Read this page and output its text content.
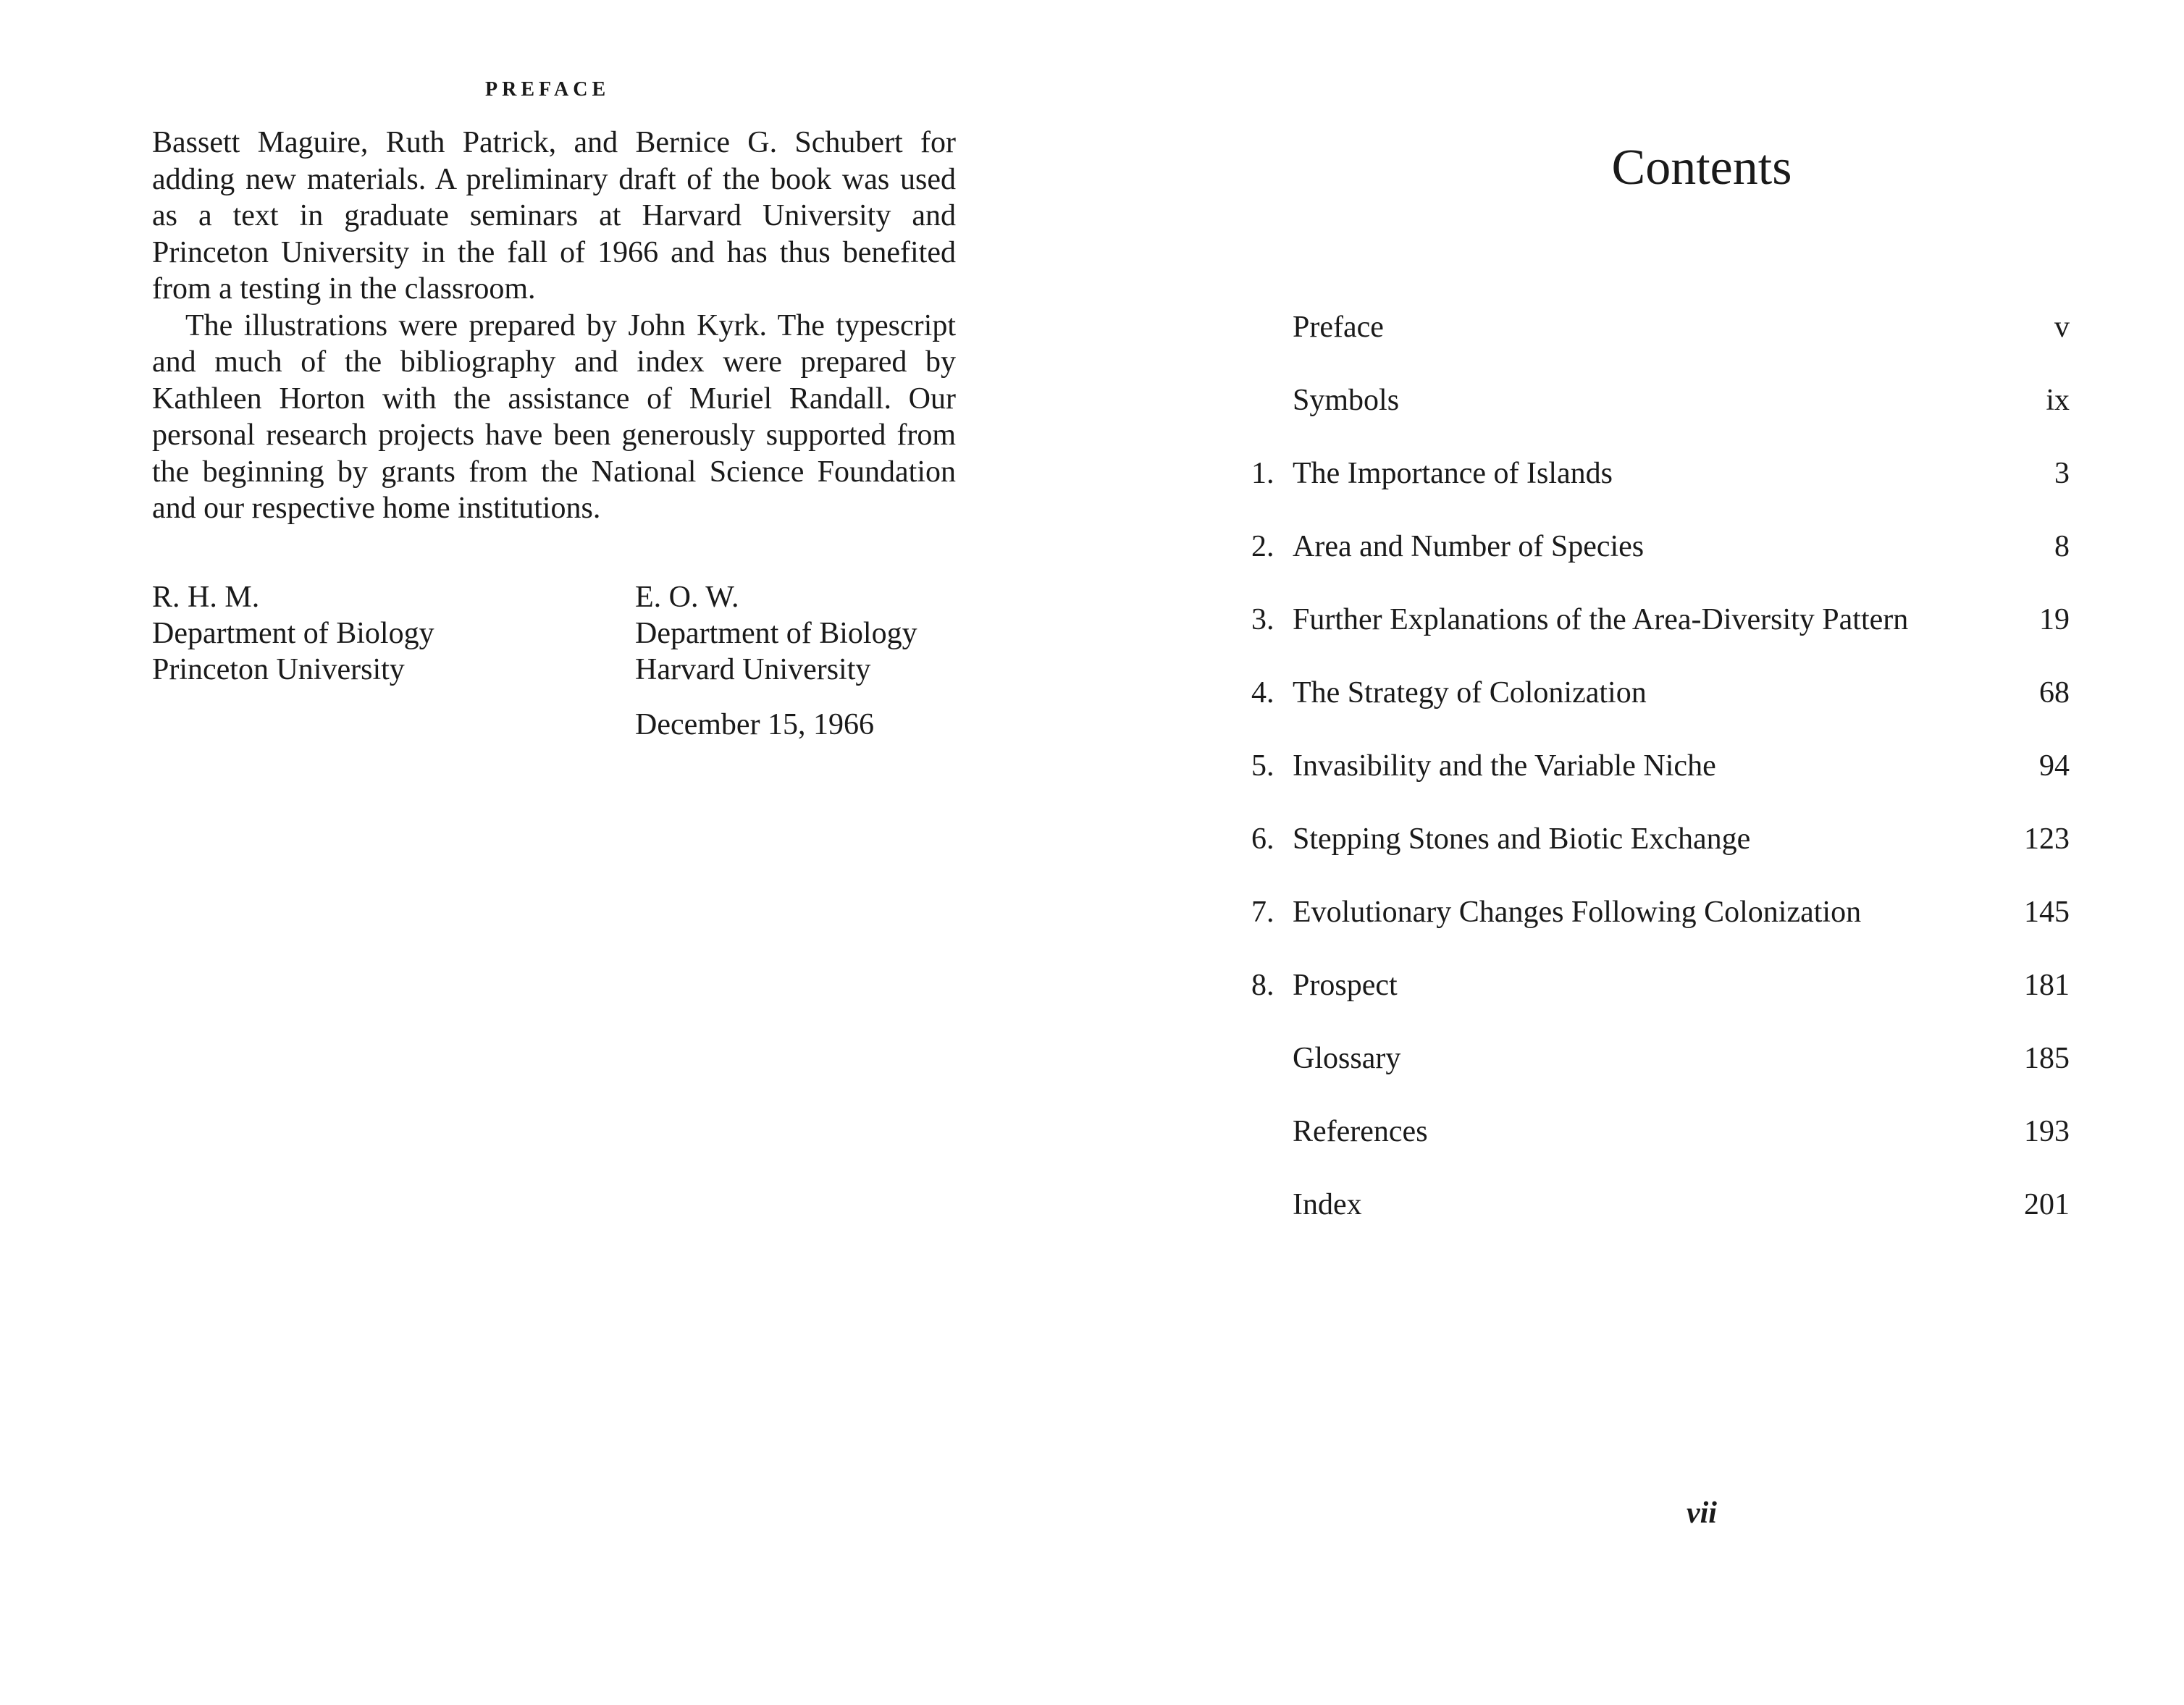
PREFACE

Bassett Maguire, Ruth Patrick, and Bernice G. Schubert for adding new materials. A preliminary draft of the book was used as a text in graduate seminars at Harvard University and Princeton University in the fall of 1966 and has thus benefited from a testing in the classroom.

The illustrations were prepared by John Kyrk. The typescript and much of the bibliography and index were prepared by Kathleen Horton with the assistance of Muriel Randall. Our personal research projects have been generously supported from the beginning by grants from the National Science Foundation and our respective home institutions.

R. H. M.
Department of Biology
Princeton University
E. O. W.
Department of Biology
Harvard University
December 15, 1966
Contents
Preface	v
Symbols	ix
1. The Importance of Islands	3
2. Area and Number of Species	8
3. Further Explanations of the Area-Diversity Pattern	19
4. The Strategy of Colonization	68
5. Invasibility and the Variable Niche	94
6. Stepping Stones and Biotic Exchange	123
7. Evolutionary Changes Following Colonization	145
8. Prospect	181
Glossary	185
References	193
Index	201
vii
